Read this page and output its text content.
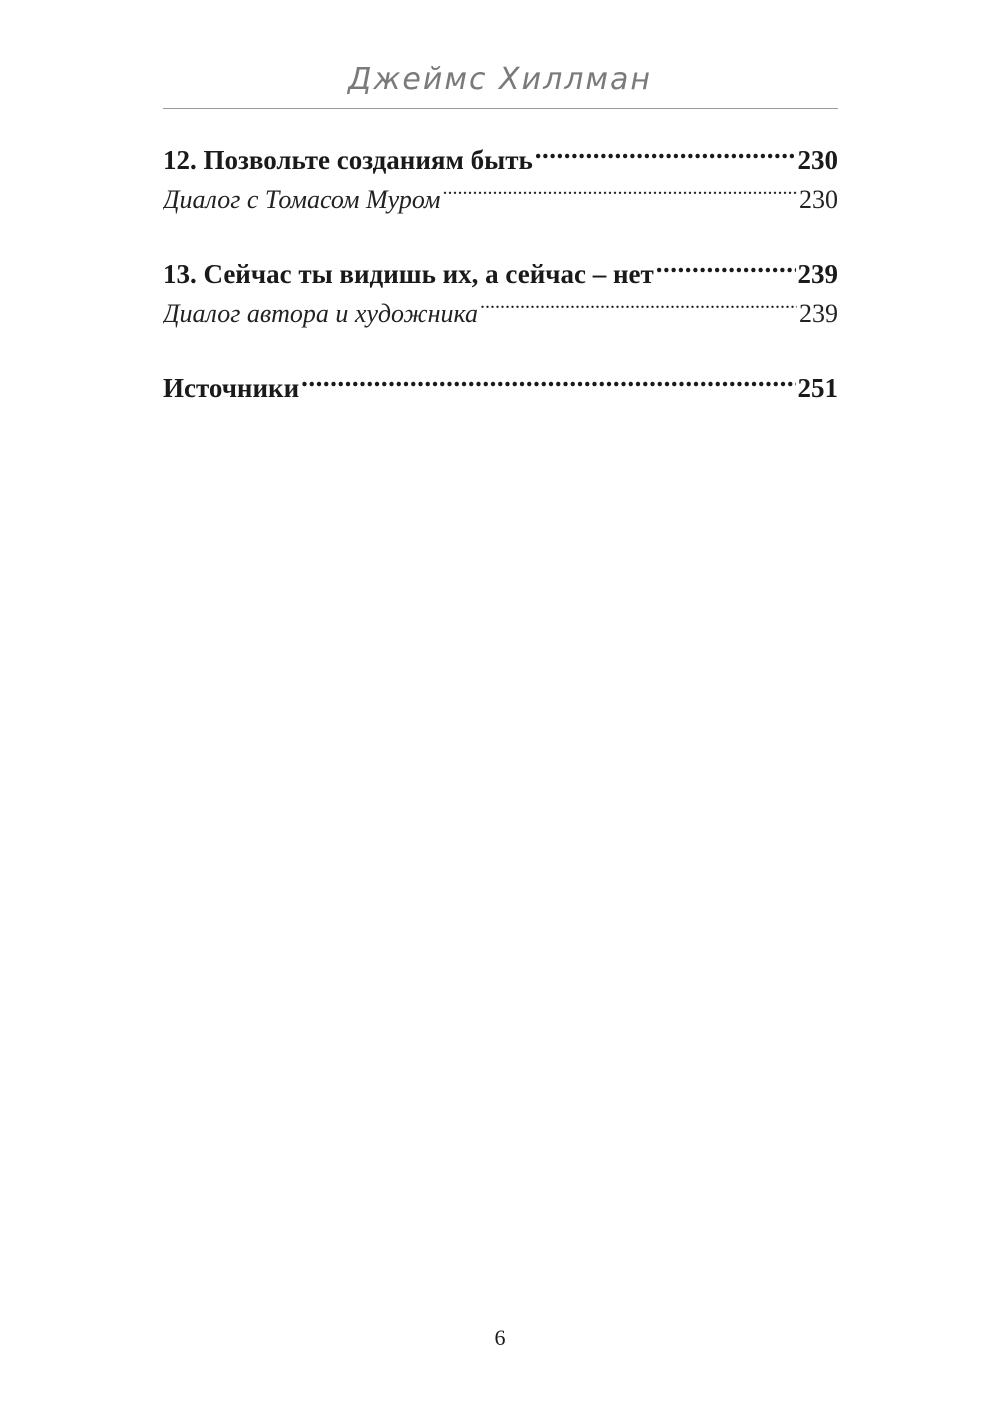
Джеймс Хиллман
12. Позвольте созданиям быть .....	230
Диалог с Томасом Муром .....	230
13. Сейчас ты видишь их, а сейчас – нет .....	239
Диалог автора и художника .....	239
Источники .....	251
6
